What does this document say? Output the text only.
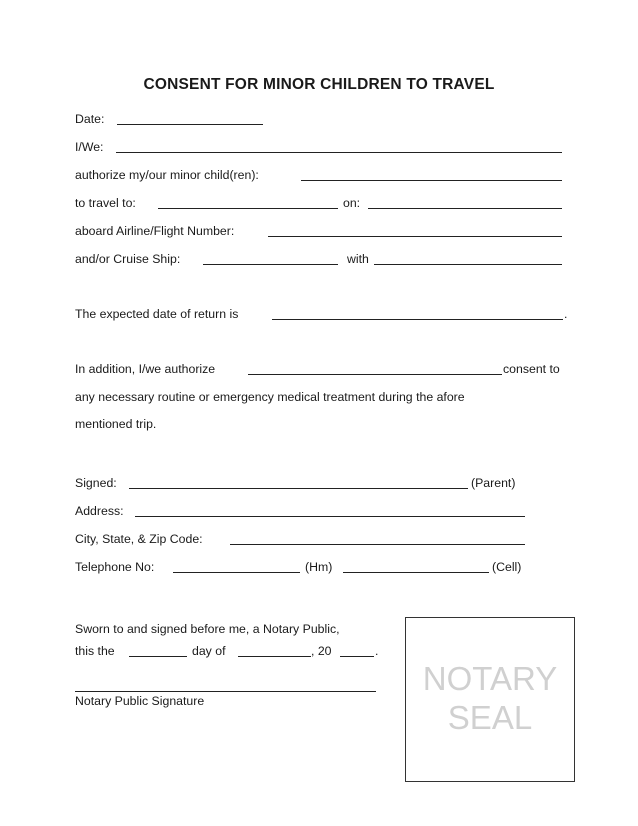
CONSENT FOR MINOR CHILDREN TO TRAVEL
Date:
I/We:
authorize my/our minor child(ren):
to travel to:	on:
aboard Airline/Flight Number:
and/or Cruise Ship:	with
The expected date of return is	.
In addition, I/we authorize	consent to
any necessary routine or emergency medical treatment during the afore
mentioned trip.
Signed:	(Parent)
Address:
City, State, & Zip Code:
Telephone No:	(Hm)	(Cell)
Sworn to and signed before me, a Notary Public,
this the	day of	, 20	.
Notary Public Signature
NOTARY
SEAL
